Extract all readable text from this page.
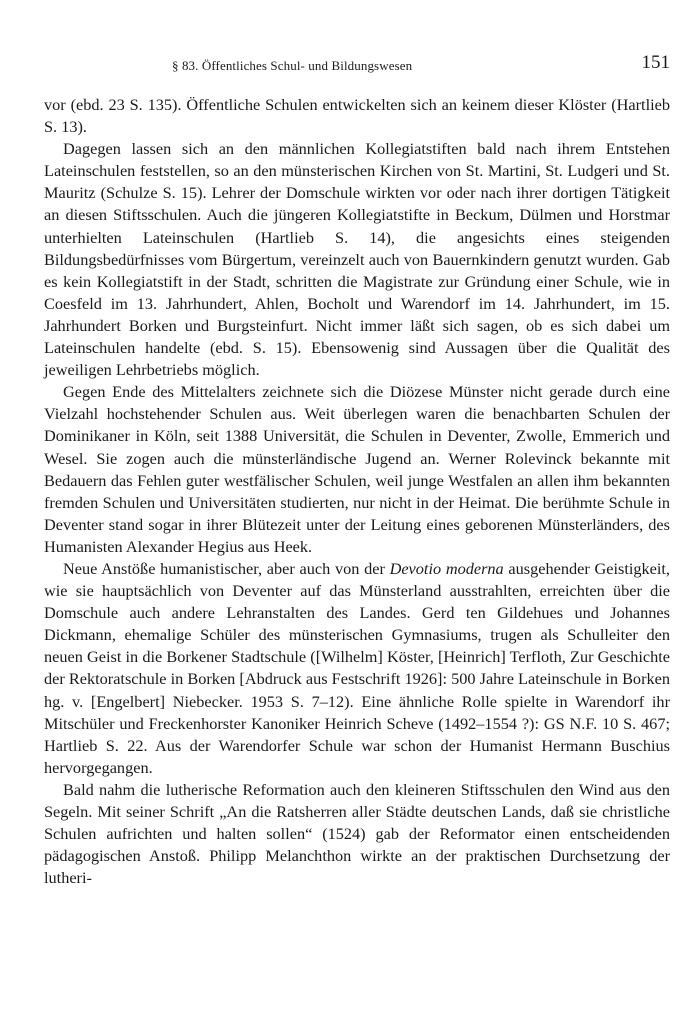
§ 83. Öffentliches Schul- und Bildungswesen	151

vor (ebd. 23 S. 135). Öffentliche Schulen entwickelten sich an keinem dieser Klöster (Hartlieb S. 13).

Dagegen lassen sich an den männlichen Kollegiatstiften bald nach ihrem Entstehen Lateinschulen feststellen, so an den münsterischen Kirchen von St. Martini, St. Ludgeri und St. Mauritz (Schulze S. 15). Lehrer der Domschule wirkten vor oder nach ihrer dortigen Tätigkeit an diesen Stiftsschulen. Auch die jüngeren Kollegiatstifte in Beckum, Dülmen und Horstmar unterhielten Lateinschulen (Hartlieb S. 14), die angesichts eines steigenden Bildungsbedürfnisses vom Bürgertum, vereinzelt auch von Bauernkindern genutzt wurden. Gab es kein Kollegiatstift in der Stadt, schritten die Magistrate zur Gründung einer Schule, wie in Coesfeld im 13. Jahrhundert, Ahlen, Bocholt und Warendorf im 14. Jahrhundert, im 15. Jahrhundert Borken und Burgsteinfurt. Nicht immer läßt sich sagen, ob es sich dabei um Lateinschulen handelte (ebd. S. 15). Ebensowenig sind Aussagen über die Qualität des jeweiligen Lehrbetriebs möglich.

Gegen Ende des Mittelalters zeichnete sich die Diözese Münster nicht gerade durch eine Vielzahl hochstehender Schulen aus. Weit überlegen waren die benachbarten Schulen der Dominikaner in Köln, seit 1388 Universität, die Schulen in Deventer, Zwolle, Emmerich und Wesel. Sie zogen auch die münsterländische Jugend an. Werner Rolevinck bekannte mit Bedauern das Fehlen guter westfälischer Schulen, weil junge Westfalen an allen ihm bekannten fremden Schulen und Universitäten studierten, nur nicht in der Heimat. Die berühmte Schule in Deventer stand sogar in ihrer Blütezeit unter der Leitung eines geborenen Münsterländers, des Humanisten Alexander Hegius aus Heek.

Neue Anstöße humanistischer, aber auch von der Devotio moderna ausgehender Geistigkeit, wie sie hauptsächlich von Deventer auf das Münsterland ausstrahlten, erreichten über die Domschule auch andere Lehranstalten des Landes. Gerd ten Gildehues und Johannes Dickmann, ehemalige Schüler des münsterischen Gymnasiums, trugen als Schulleiter den neuen Geist in die Borkener Stadtschule ([Wilhelm] Köster, [Heinrich] Terfloth, Zur Geschichte der Rektoratschule in Borken [Abdruck aus Festschrift 1926]: 500 Jahre Lateinschule in Borken hg. v. [Engelbert] Niebecker. 1953 S. 7–12). Eine ähnliche Rolle spielte in Warendorf ihr Mitschüler und Freckenhorster Kanoniker Heinrich Scheve (1492–1554 ?): GS N.F. 10 S. 467; Hartlieb S. 22. Aus der Warendorfer Schule war schon der Humanist Hermann Buschius hervorgegangen.

Bald nahm die lutherische Reformation auch den kleineren Stiftsschulen den Wind aus den Segeln. Mit seiner Schrift „An die Ratsherren aller Städte deutschen Lands, daß sie christliche Schulen aufrichten und halten sollen“ (1524) gab der Reformator einen entscheidenden pädagogischen Anstoß. Philipp Melanchthon wirkte an der praktischen Durchsetzung der lutheri-
